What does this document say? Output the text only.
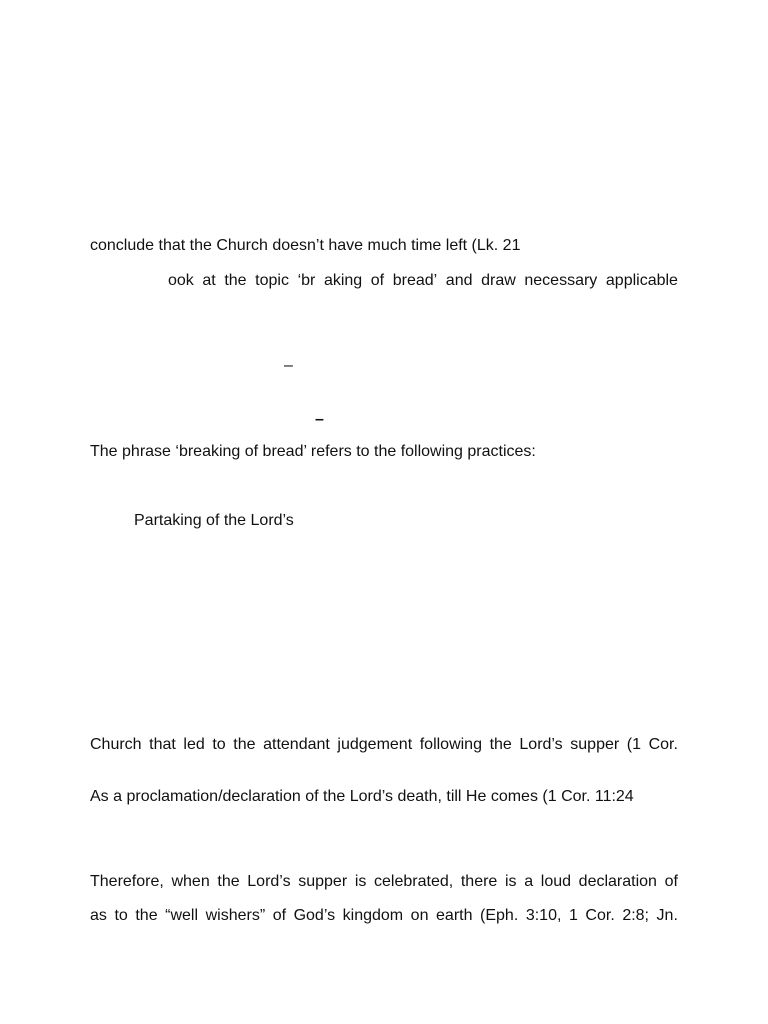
conclude that the Church doesn’t have much time left (Lk. 21
ook at the topic ‘br aking of bread’ and draw necessary applicable
–
–
The phrase ‘breaking of bread’ refers to the following practices:
Partaking of the Lord’s
Church that led to the attendant judgement following the Lord’s supper (1 Cor.
As a proclamation/declaration of the Lord’s death, till He comes (1 Cor. 11:24
Therefore, when the Lord’s supper is celebrated, there is a loud declaration of
as to the “well wishers” of God’s kingdom on earth (Eph. 3:10, 1 Cor. 2:8; Jn.
